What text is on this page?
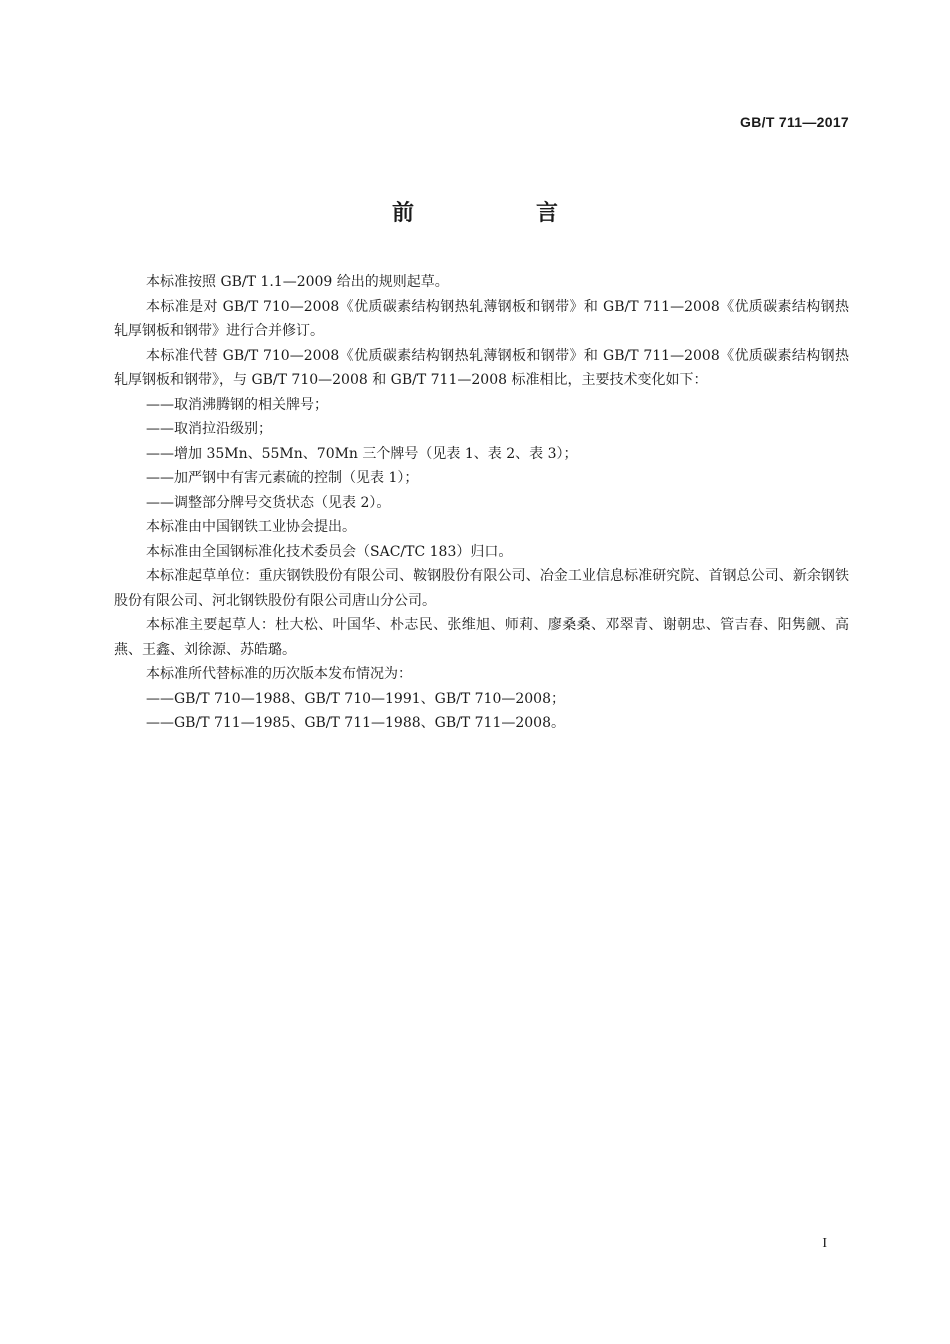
GB/T 711—2017
前　言

本标准按照 GB/T 1.1—2009 给出的规则起草。

本标准是对 GB/T 710—2008《优质碳素结构钢热轧薄钢板和钢带》和 GB/T 711—2008《优质碳素结构钢热轧厚钢板和钢带》进行合并修订。

本标准代替 GB/T 710—2008《优质碳素结构钢热轧薄钢板和钢带》和 GB/T 711—2008《优质碳素结构钢热轧厚钢板和钢带》，与 GB/T 710—2008 和 GB/T 711—2008 标准相比，主要技术变化如下：

——取消沸腾钢的相关牌号；

——取消拉沿级别；

——增加 35Mn、55Mn、70Mn 三个牌号（见表 1、表 2、表 3）；

——加严钢中有害元素硫的控制（见表 1）；

——调整部分牌号交货状态（见表 2）。

本标准由中国钢铁工业协会提出。

本标准由全国钢标准化技术委员会（SAC/TC 183）归口。

本标准起草单位：重庆钢铁股份有限公司、鞍钢股份有限公司、冶金工业信息标准研究院、首钢总公司、新余钢铁股份有限公司、河北钢铁股份有限公司唐山分公司。

本标准主要起草人：杜大松、叶国华、朴志民、张维旭、师莉、廖桑桑、邓翠青、谢朝忠、管吉春、阳隽觎、高燕、王鑫、刘徐源、苏皓璐。

本标准所代替标准的历次版本发布情况为：

——GB/T 710—1988、GB/T 710—1991、GB/T 710—2008；

——GB/T 711—1985、GB/T 711—1988、GB/T 711—2008。

I
